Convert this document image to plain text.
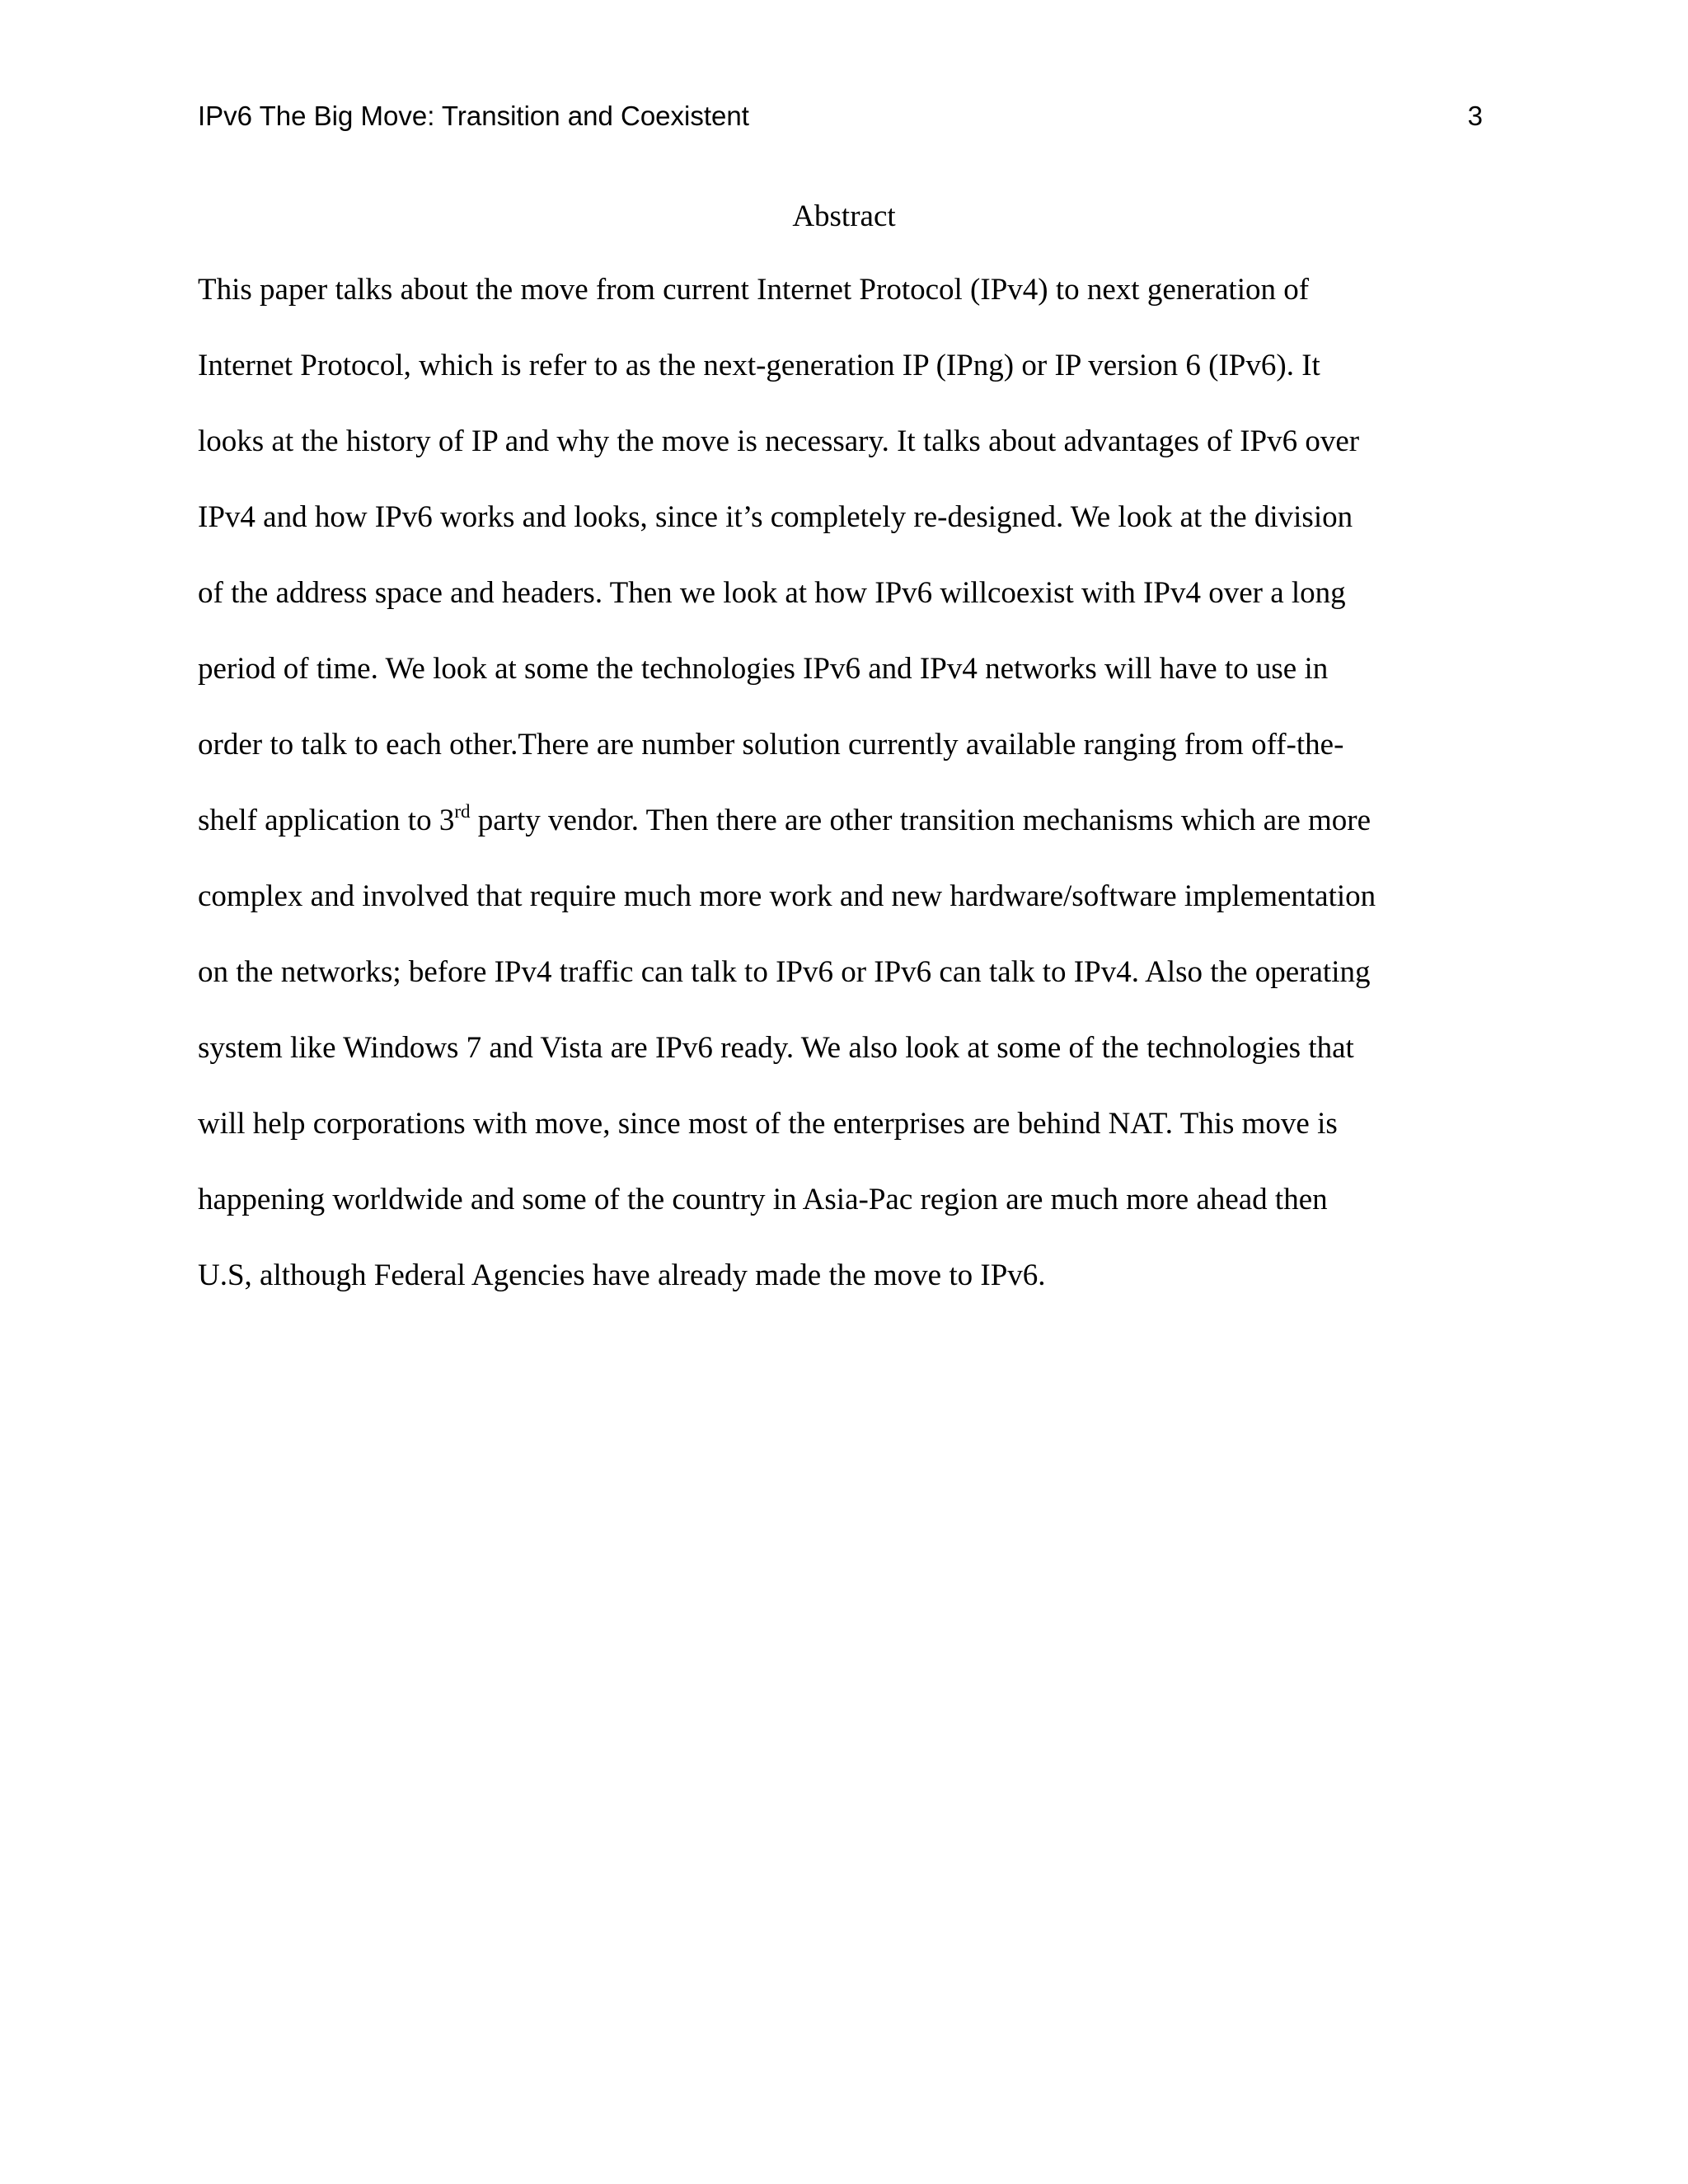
IPv6 The Big Move: Transition and Coexistent	3
Abstract
This paper talks about the move from current Internet Protocol (IPv4) to next generation of
Internet Protocol, which is refer to as the next-generation IP (IPng) or IP version 6 (IPv6). It
looks at the history of IP and why the move is necessary. It talks about advantages of IPv6 over
IPv4 and how IPv6 works and looks, since it’s completely re-designed. We look at the division
of the address space and headers. Then we look at how IPv6 willcoexist with IPv4 over a long
period of time. We look at some the technologies IPv6 and IPv4 networks will have to use in
order to talk to each other.There are number solution currently available ranging from off-the-
shelf application to 3rd party vendor. Then there are other transition mechanisms which are more
complex and involved that require much more work and new hardware/software implementation
on the networks; before IPv4 traffic can talk to IPv6 or IPv6 can talk to IPv4. Also the operating
system like Windows 7 and Vista are IPv6 ready. We also look at some of the technologies that
will help corporations with move, since most of the enterprises are behind NAT. This move is
happening worldwide and some of the country in Asia-Pac region are much more ahead then
U.S, although Federal Agencies have already made the move to IPv6.
